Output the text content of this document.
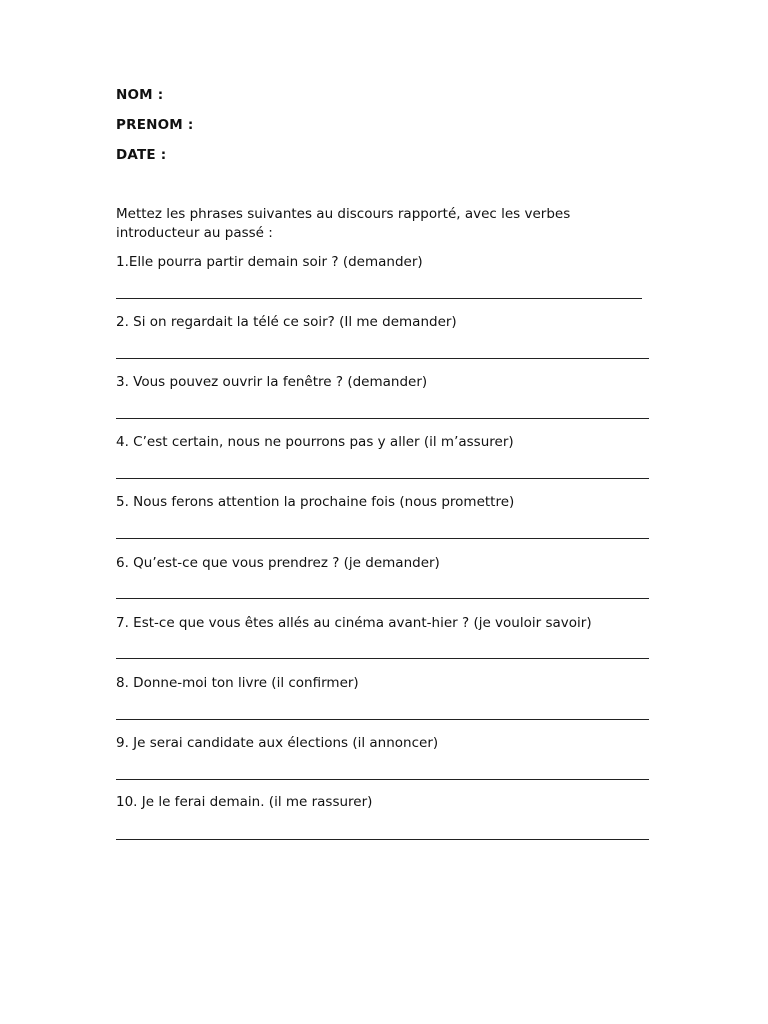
NOM :
PRENOM :
DATE :
Mettez les phrases suivantes au discours rapporté, avec les verbes introducteur au passé :
1.Elle pourra partir demain soir ? (demander)
2. Si on regardait la télé ce soir? (Il me demander)
3. Vous pouvez ouvrir la fenêtre ? (demander)
4. C’est certain, nous ne pourrons pas y aller (il m’assurer)
5. Nous ferons attention la prochaine fois (nous promettre)
6. Qu’est-ce que vous prendrez ? (je demander)
7. Est-ce que vous êtes allés au cinéma avant-hier ? (je vouloir savoir)
8. Donne-moi ton livre (il confirmer)
9. Je serai candidate aux élections (il annoncer)
10. Je le ferai demain. (il me rassurer)
